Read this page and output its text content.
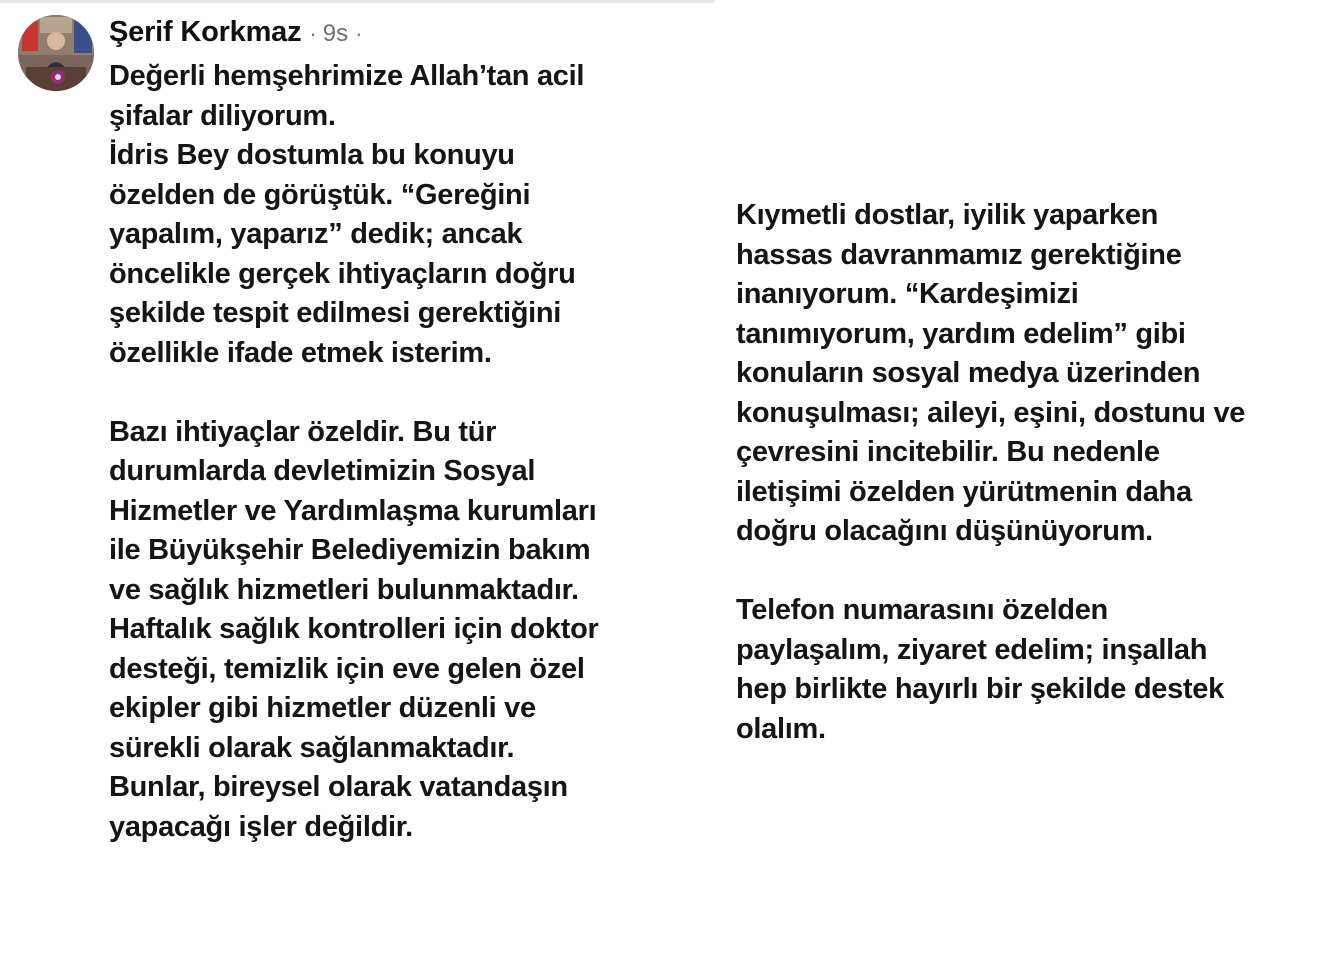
Şerif Korkmaz · 9s ·

Değerli hemşehrimize Allah’tan acil
şifalar diliyorum.
İdris Bey dostumla bu konuyu
özelden de görüştük. “Gereğini
yapalım, yaparız” dedik; ancak
öncelikle gerçek ihtiyaçların doğru
şekilde tespit edilmesi gerektiğini
özellikle ifade etmek isterim.

Bazı ihtiyaçlar özeldir. Bu tür
durumlarda devletimizin Sosyal
Hizmetler ve Yardımlaşma kurumları
ile Büyükşehir Belediyemizin bakım
ve sağlık hizmetleri bulunmaktadır.
Haftalık sağlık kontrolleri için doktor
desteği, temizlik için eve gelen özel
ekipler gibi hizmetler düzenli ve
sürekli olarak sağlanmaktadır.
Bunlar, bireysel olarak vatandaşın
yapacağı işler değildir.

Kıymetli dostlar, iyilik yaparken
hassas davranmamız gerektiğine
inanıyorum. “Kardeşimizi
tanımıyorum, yardım edelim” gibi
konuların sosyal medya üzerinden
konuşulması; aileyi, eşini, dostunu ve
çevresini incitebilir. Bu nedenle
iletişimi özelden yürütmenin daha
doğru olacağını düşünüyorum.

Telefon numarasını özelden
paylaşalım, ziyaret edelim; inşallah
hep birlikte hayırlı bir şekilde destek
olalım.
